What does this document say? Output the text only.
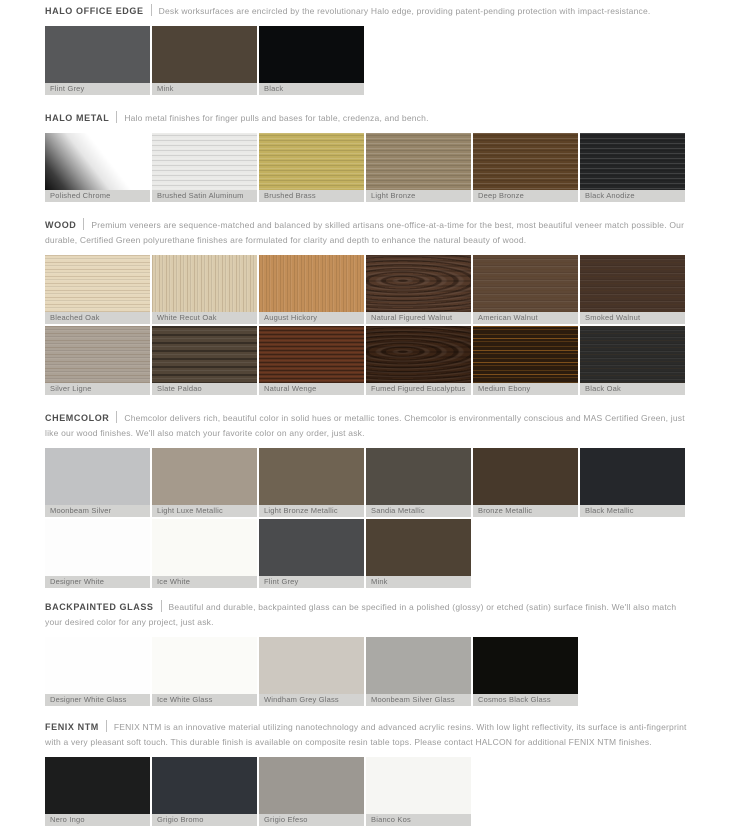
HALO OFFICE EDGE Desk worksurfaces are encircled by the revolutionary Halo edge, providing patent-pending protection with impact-resistance.

Flint Grey	Mink	Black

HALO METAL Halo metal finishes for finger pulls and bases for table, credenza, and bench.

Polished Chrome	Brushed Satin Aluminum	Brushed Brass	Light Bronze	Deep Bronze	Black Anodize

WOOD Premium veneers are sequence-matched and balanced by skilled artisans one-office-at-a-time for the best, most beautiful veneer match possible. Our durable, Certified Green polyurethane finishes are formulated for clarity and depth to enhance the natural beauty of wood.

Bleached Oak	White Recut Oak	August Hickory	Natural Figured Walnut	American Walnut	Smoked Walnut
Silver Ligne	Slate Paldao	Natural Wenge	Fumed Figured Eucalyptus	Medium Ebony	Black Oak

CHEMCOLOR Chemcolor delivers rich, beautiful color in solid hues or metallic tones. Chemcolor is environmentally conscious and MAS Certified Green, just like our wood finishes. We'll also match your favorite color on any order, just ask.

Moonbeam Silver	Light Luxe Metallic	Light Bronze Metallic	Sandia Metallic	Bronze Metallic	Black Metallic
Designer White	Ice White	Flint Grey	Mink

BACKPAINTED GLASS Beautiful and durable, backpainted glass can be specified in a polished (glossy) or etched (satin) surface finish. We'll also match your desired color for any project, just ask.

Designer White Glass	Ice White Glass	Windham Grey Glass	Moonbeam Silver Glass	Cosmos Black Glass

FENIX NTM FENIX NTM is an innovative material utilizing nanotechnology and advanced acrylic resins. With low light reflectivity, its surface is anti-fingerprint with a very pleasant soft touch. This durable finish is available on composite resin table tops. Please contact HALCON for additional FENIX NTM finishes.

Nero Ingo	Grigio Bromo	Grigio Efeso	Bianco Kos
